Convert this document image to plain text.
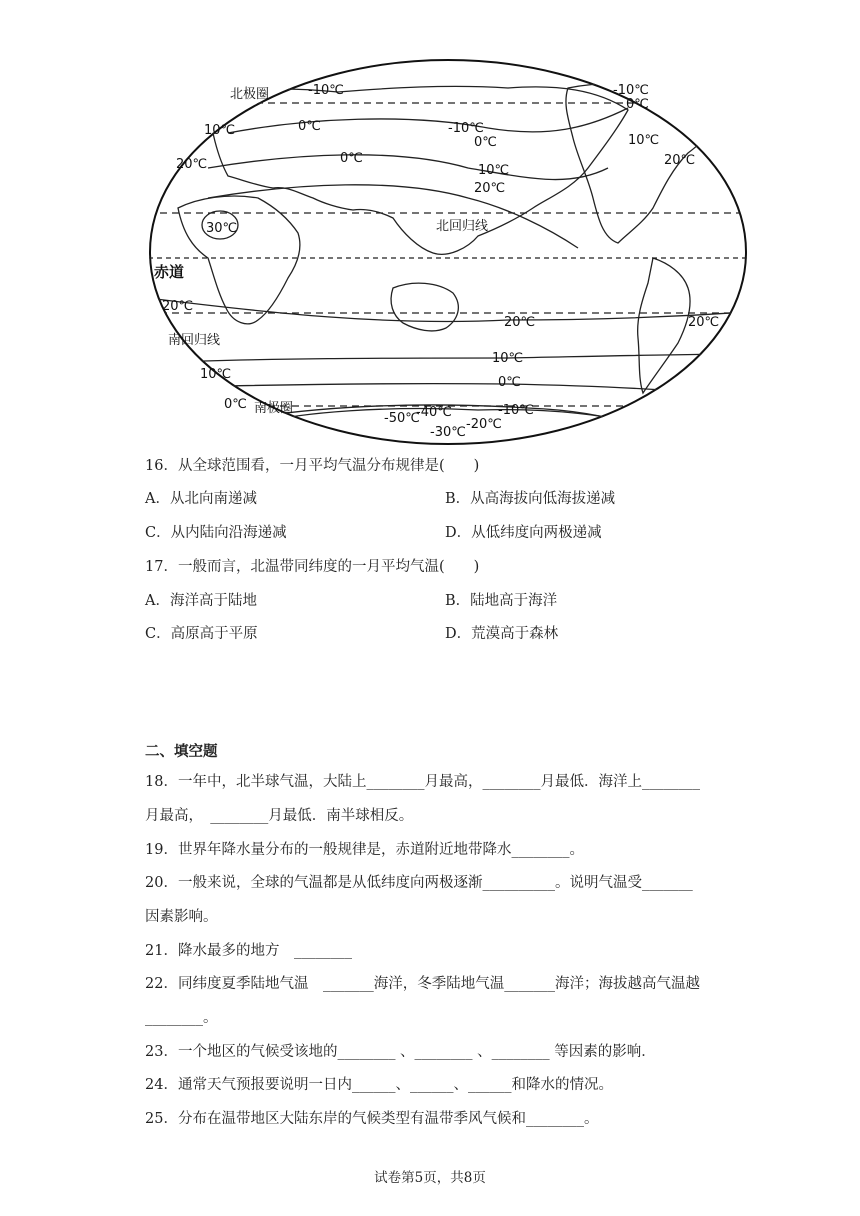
北极圈
北回归线
赤道
南回归线
南极圈
-10℃
-10℃
-10℃
-10℃
0℃
0℃
0℃
0℃
0℃
0℃
10℃
10℃
10℃
10℃
10℃
20℃
20℃
20℃
20℃
20℃	20℃
30℃
-20℃
-30℃
-40℃
-50℃
16．从全球范围看，一月平均气温分布规律是(　　)
A．从北向南递减	B．从高海拔向低海拔递减
C．从内陆向沿海递减	D．从低纬度向两极递减
17．一般而言，北温带同纬度的一月平均气温(　　)
A．海洋高于陆地	B．陆地高于海洋
C．高原高于平原	D．荒漠高于森林
二、填空题
18．一年中，北半球气温，大陆上________月最高，________月最低．海洋上________
月最高，　________月最低．南半球相反。
19．世界年降水量分布的一般规律是，赤道附近地带降水________。
20．一般来说，全球的气温都是从低纬度向两极逐渐__________。说明气温受_______
因素影响。
21．降水最多的地方　________
22．同纬度夏季陆地气温　_______海洋，冬季陆地气温_______海洋；海拔越高气温越
________。
23．一个地区的气候受该地的________ 、________ 、________ 等因素的影响．
24．通常天气预报要说明一日内______、______、______和降水的情况。
25．分布在温带地区大陆东岸的气候类型有温带季风气候和________。
试卷第5页，共8页
